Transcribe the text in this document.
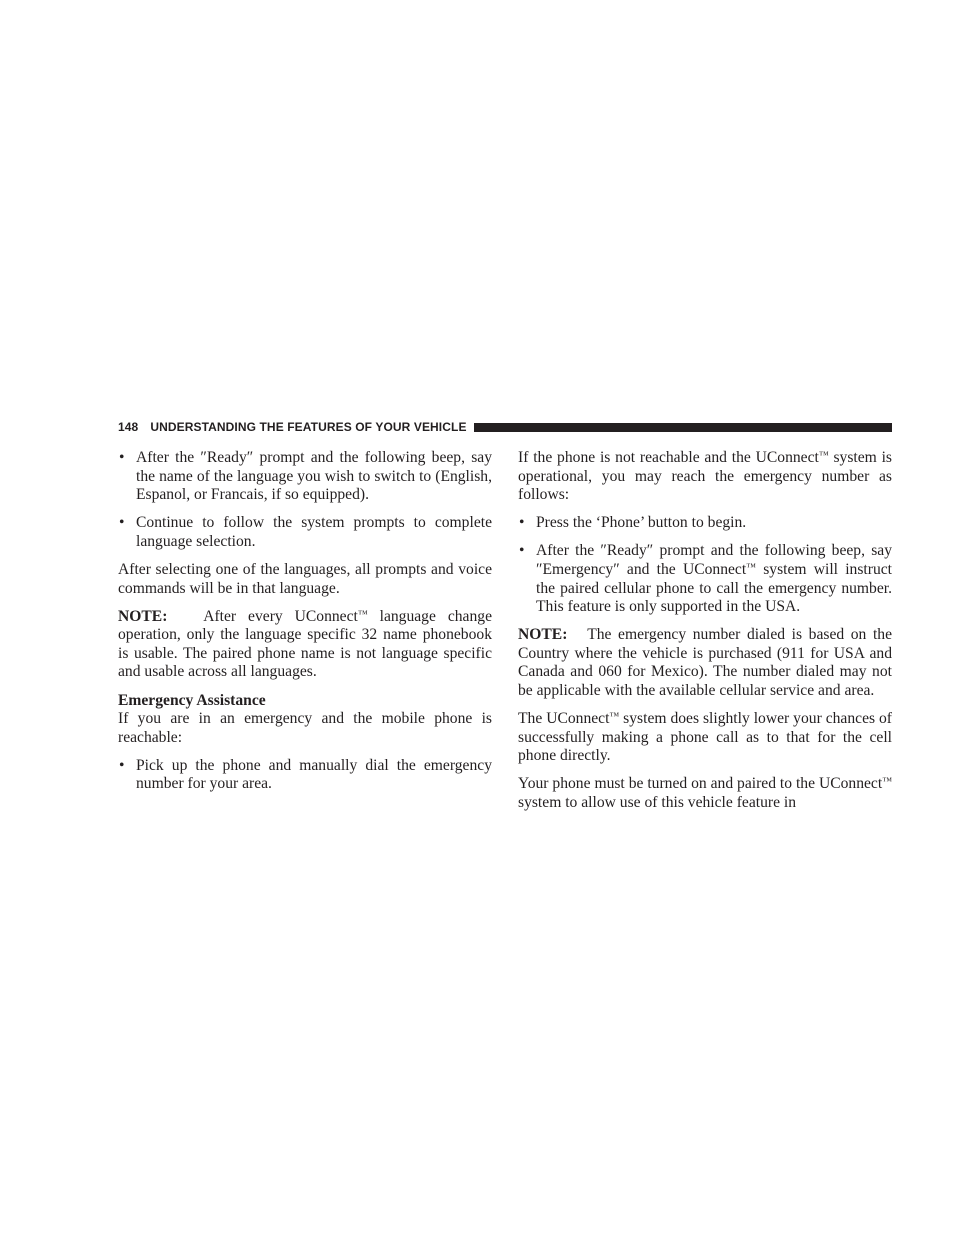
148 UNDERSTANDING THE FEATURES OF YOUR VEHICLE
• After the ″Ready″ prompt and the following beep, say the name of the language you wish to switch to (English, Espanol, or Francais, if so equipped).
• Continue to follow the system prompts to complete language selection.

After selecting one of the languages, all prompts and voice commands will be in that language.

NOTE: After every UConnect™ language change operation, only the language specific 32 name phonebook is usable. The paired phone name is not language specific and usable across all languages.

Emergency Assistance

If you are in an emergency and the mobile phone is reachable:

• Pick up the phone and manually dial the emergency number for your area.

If the phone is not reachable and the UConnect™ system is operational, you may reach the emergency number as follows:

• Press the ‘Phone’ button to begin.
• After the ″Ready″ prompt and the following beep, say ″Emergency″ and the UConnect™ system will instruct the paired cellular phone to call the emergency number. This feature is only supported in the USA.

NOTE: The emergency number dialed is based on the Country where the vehicle is purchased (911 for USA and Canada and 060 for Mexico). The number dialed may not be applicable with the available cellular service and area.

The UConnect™ system does slightly lower your chances of successfully making a phone call as to that for the cell phone directly.

Your phone must be turned on and paired to the UConnect™ system to allow use of this vehicle feature in
